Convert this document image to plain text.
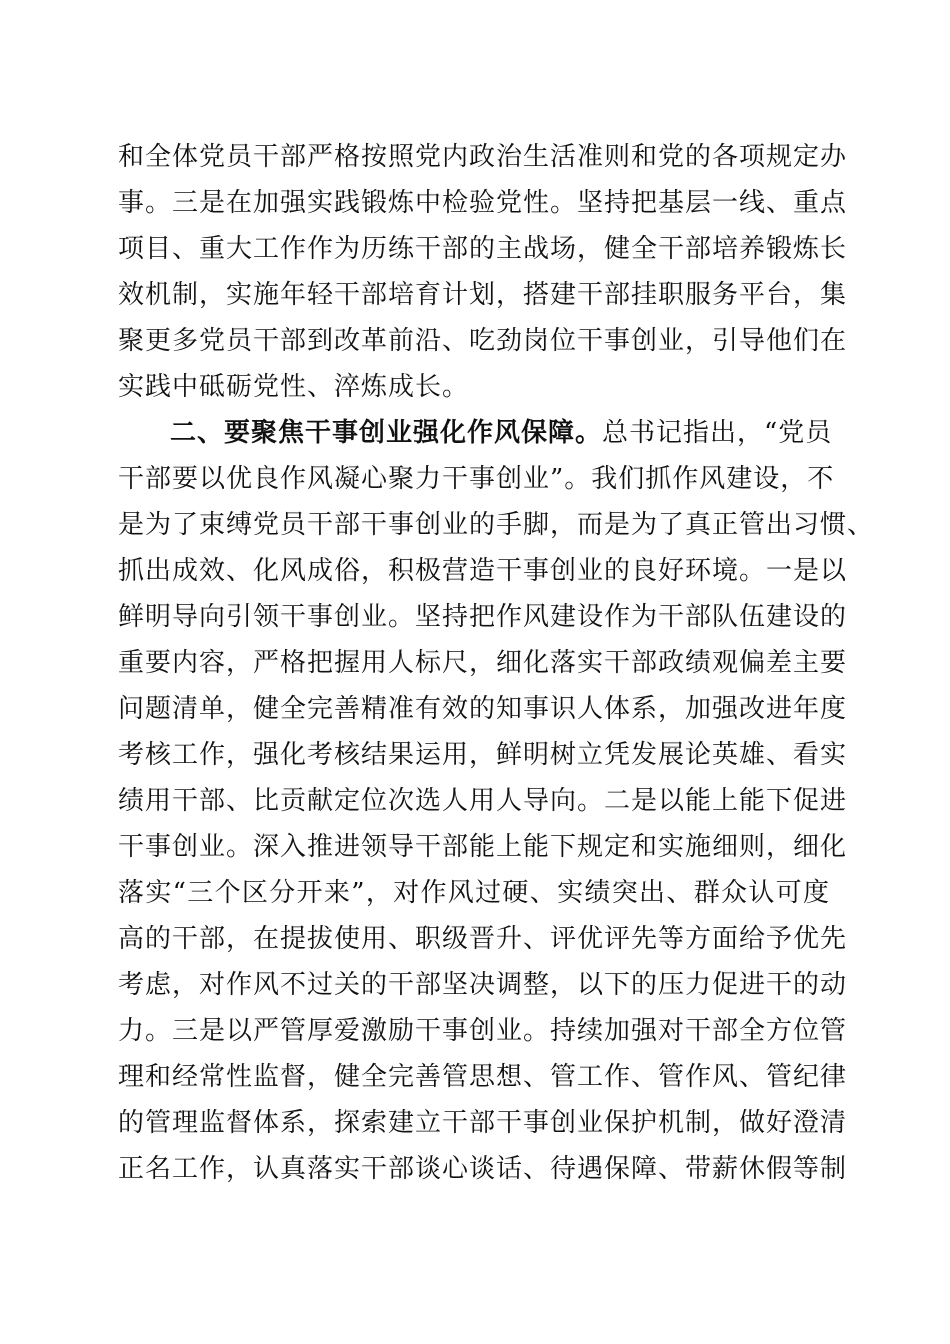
和全体党员干部严格按照党内政治生活准则和党的各项规定办
事。三是在加强实践锻炼中检验党性。坚持把基层一线、重点
项目、重大工作作为历练干部的主战场，健全干部培养锻炼长
效机制，实施年轻干部培育计划，搭建干部挂职服务平台，集
聚更多党员干部到改革前沿、吃劲岗位干事创业，引导他们在
实践中砥砺党性、淬炼成长。
二、要聚焦干事创业强化作风保障。总书记指出，“党员
干部要以优良作风凝心聚力干事创业”。我们抓作风建设，不
是为了束缚党员干部干事创业的手脚，而是为了真正管出习惯、
抓出成效、化风成俗，积极营造干事创业的良好环境。一是以
鲜明导向引领干事创业。坚持把作风建设作为干部队伍建设的
重要内容，严格把握用人标尺，细化落实干部政绩观偏差主要
问题清单，健全完善精准有效的知事识人体系，加强改进年度
考核工作，强化考核结果运用，鲜明树立凭发展论英雄、看实
绩用干部、比贡献定位次选人用人导向。二是以能上能下促进
干事创业。深入推进领导干部能上能下规定和实施细则，细化
落实“三个区分开来”，对作风过硬、实绩突出、群众认可度
高的干部，在提拔使用、职级晋升、评优评先等方面给予优先
考虑，对作风不过关的干部坚决调整，以下的压力促进干的动
力。三是以严管厚爱激励干事创业。持续加强对干部全方位管
理和经常性监督，健全完善管思想、管工作、管作风、管纪律
的管理监督体系，探索建立干部干事创业保护机制，做好澄清
正名工作，认真落实干部谈心谈话、待遇保障、带薪休假等制
